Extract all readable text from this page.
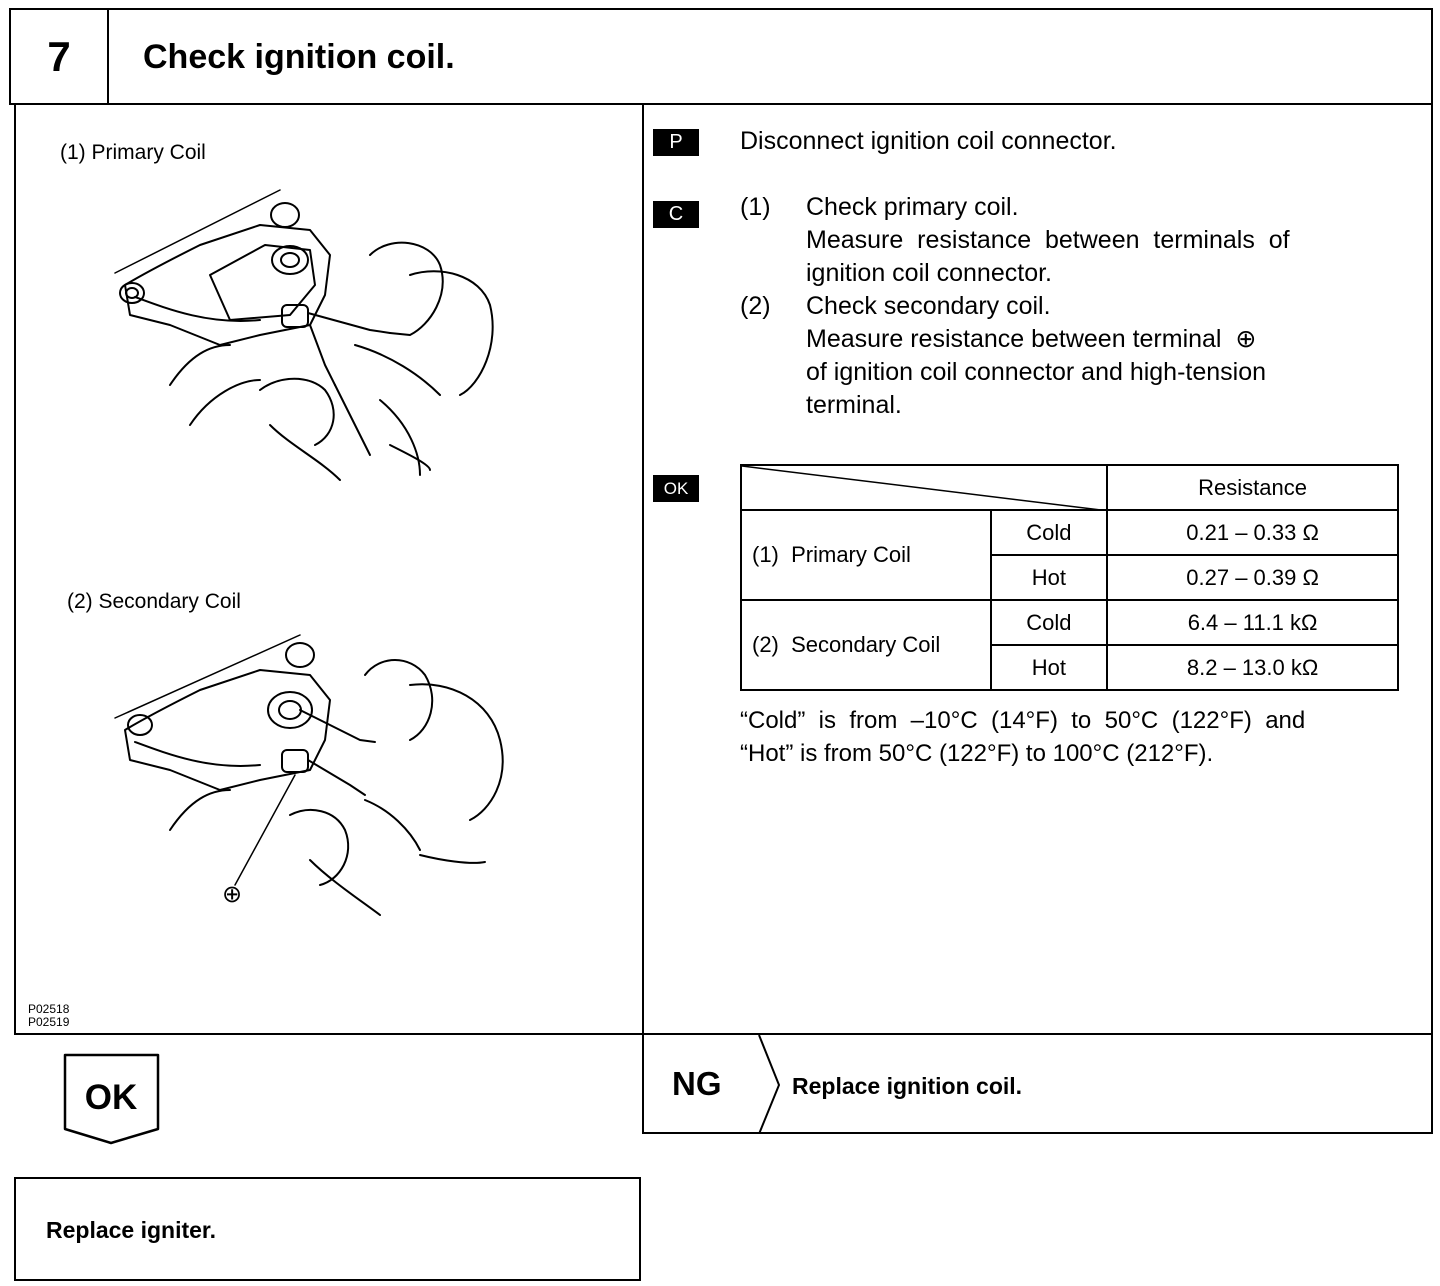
7	Check ignition coil.
(1) Primary Coil
(2) Secondary Coil
⊕
P02518
P02519
P	Disconnect ignition coil connector.
C	(1) Check primary coil.
Measure  resistance  between  terminals  of
ignition coil connector.
(2) Check secondary coil.
Measure resistance between terminal  ⊕
of ignition coil connector and high-tension
terminal.
OK
		Resistance
(1)  Primary Coil	Cold	0.21 – 0.33 Ω
	Hot	0.27 – 0.39 Ω
(2)  Secondary Coil	Cold	6.4 – 11.1 kΩ
	Hot	8.2 – 13.0 kΩ
“Cold”  is  from  –10°C  (14°F)  to  50°C  (122°F)  and
“Hot” is from 50°C (122°F) to 100°C (212°F).
OK
Replace igniter.
NG	Replace ignition coil.
